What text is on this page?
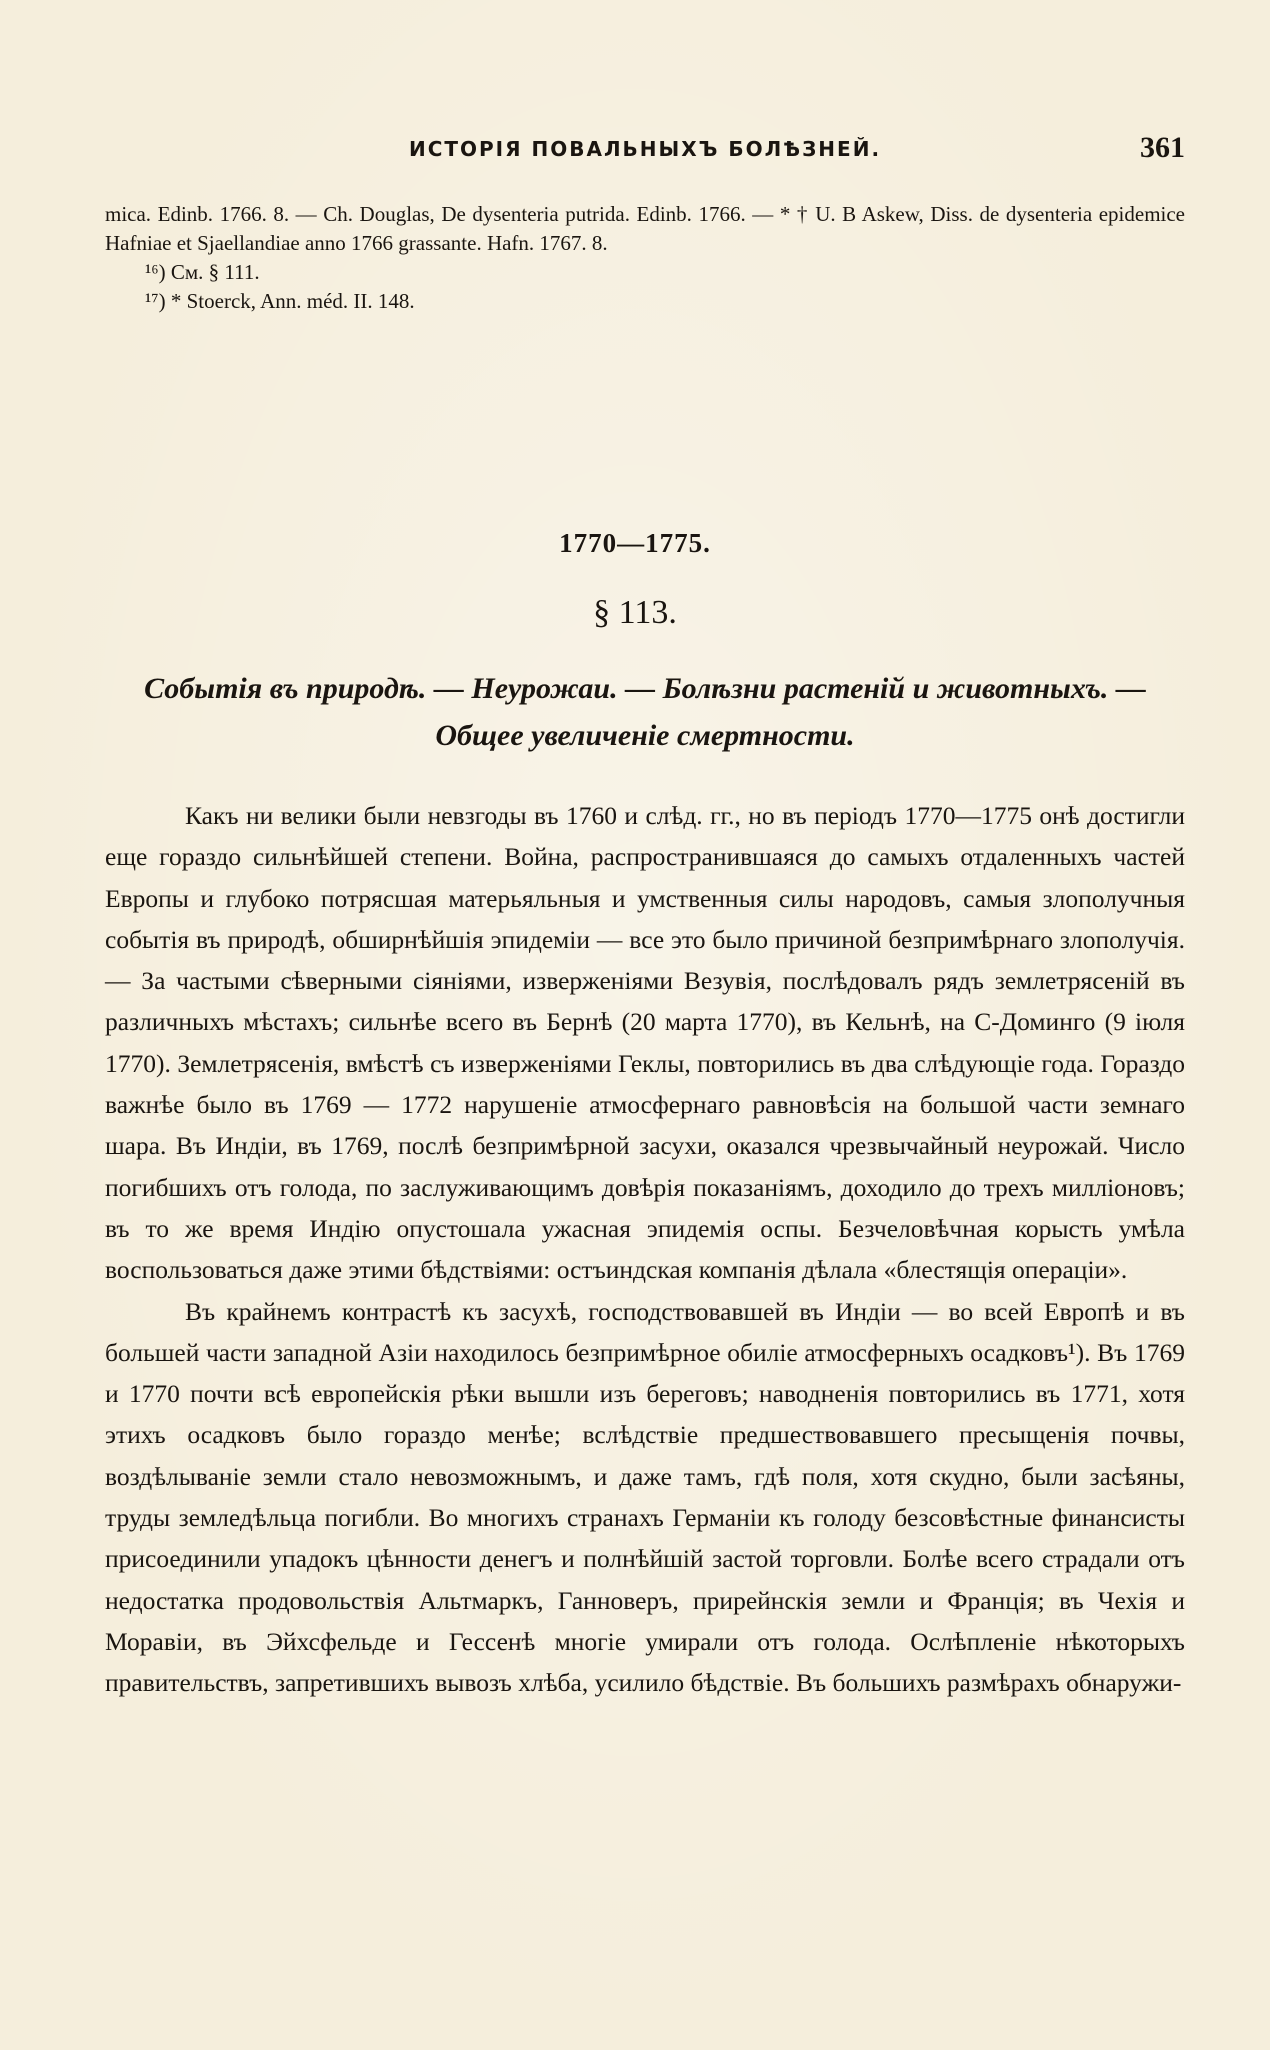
ИСТОРІЯ ПОВАЛЬНЫХЪ БОЛѢЗНЕЙ.	361

mica. Edinb. 1766. 8. — Ch. Douglas, De dysenteria putrida. Edinb. 1766. — * † U. B Askew, Diss. de dysenteria epidemice Hafniae et Sjaellandiae anno 1766 grassante. Hafn. 1767. 8.

¹⁶) См. § 111.

¹⁷) * Stoerck, Ann. méd. II. 148.

1770—1775.
§ 113.
Событія въ природѣ. — Неурожаи. — Болѣзни растеній и животныхъ. — Общее увеличеніе смертности.

Какъ ни велики были невзгоды въ 1760 и слѣд. гг., но въ періодъ 1770—1775 онѣ достигли еще гораздо сильнѣйшей степени. Война, распространившаяся до самыхъ отдаленныхъ частей Европы и глубоко потрясшая матерьяльныя и умственныя силы народовъ, самыя злополучныя событія въ природѣ, обширнѣйшія эпидеміи — все это было причиной безпримѣрнаго злополучія. — За частыми сѣверными сіяніями, изверженіями Везувія, послѣдовалъ рядъ землетрясеній въ различныхъ мѣстахъ; сильнѣе всего въ Бернѣ (20 марта 1770), въ Кельнѣ, на С-Доминго (9 іюля 1770). Землетрясенія, вмѣстѣ съ изверженіями Геклы, повторились въ два слѣдующіе года. Гораздо важнѣе было въ 1769 — 1772 нарушеніе атмосфернаго равновѣсія на большой части земнаго шара. Въ Индіи, въ 1769, послѣ безпримѣрной засухи, оказался чрезвычайный неурожай. Число погибшихъ отъ голода, по заслуживающимъ довѣрія показаніямъ, доходило до трехъ милліоновъ; въ то же время Индію опустошала ужасная эпидемія оспы. Безчеловѣчная корысть умѣла воспользоваться даже этими бѣдствіями: остъиндская компанія дѣлала «блестящія операціи».

Въ крайнемъ контрастѣ къ засухѣ, господствовавшей въ Индіи — во всей Европѣ и въ большей части западной Азіи находилось безпримѣрное обиліе атмосферныхъ осадковъ¹). Въ 1769 и 1770 почти всѣ европейскія рѣки вышли изъ береговъ; наводненія повторились въ 1771, хотя этихъ осадковъ было гораздо менѣе; вслѣдствіе предшествовавшего пресыщенія почвы, воздѣлываніе земли стало невозможнымъ, и даже тамъ, гдѣ поля, хотя скудно, были засѣяны, труды земледѣльца погибли. Во многихъ странахъ Германіи къ голоду безсовѣстные финансисты присоединили упадокъ цѣнности денегъ и полнѣйшій застой торговли. Болѣе всего страдали отъ недостатка продовольствія Альтмаркъ, Ганноверъ, прирейнскія земли и Франція; въ Чехія и Моравіи, въ Эйхсфельде и Гессенѣ многіе умирали отъ голода. Ослѣпленіе нѣкоторыхъ правительствъ, запретившихъ вывозъ хлѣба, усилило бѣдствіе. Въ большихъ размѣрахъ обнаружи-
